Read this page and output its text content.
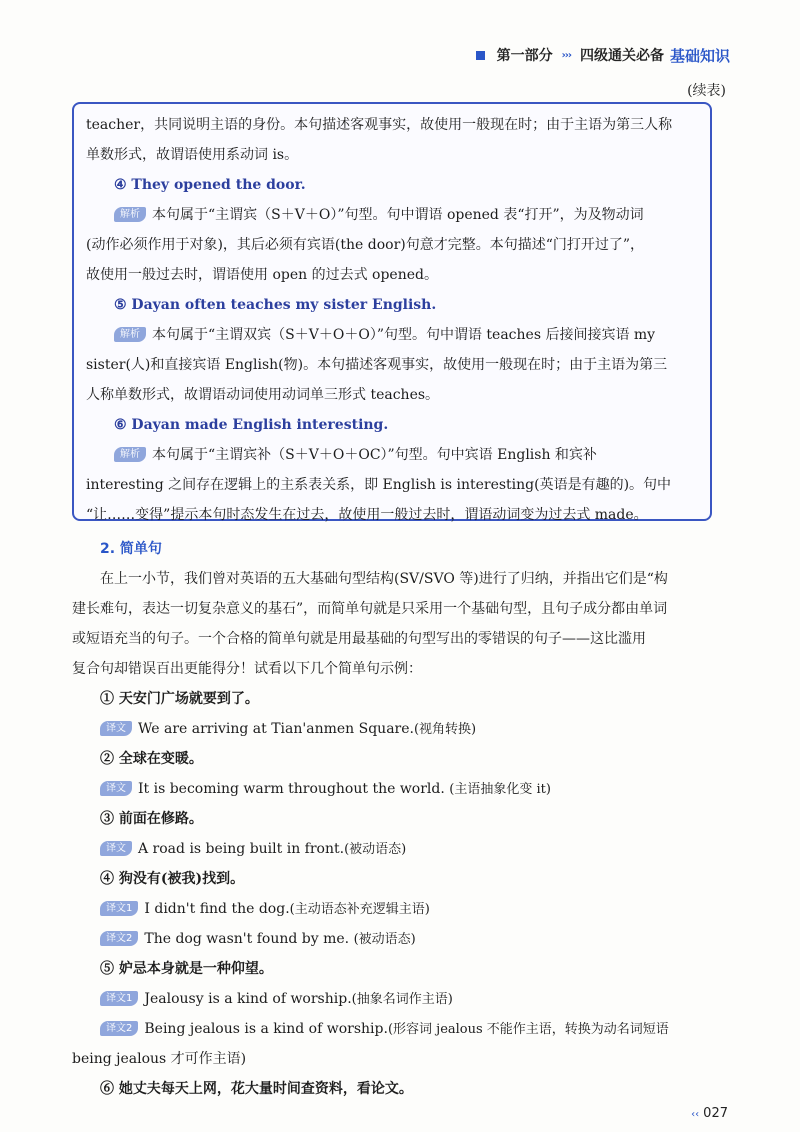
第一部分 ››› 四级通关必备 基础知识
(续表)
teacher，共同说明主语的身份。本句描述客观事实，故使用一般现在时；由于主语为第三人称
单数形式，故谓语使用系动词 is。
④ They opened the door.
解析 本句属于“主谓宾（S＋V＋O）”句型。句中谓语 opened 表“打开”，为及物动词
(动作必须作用于对象)，其后必须有宾语(the door)句意才完整。本句描述“门打开过了”，
故使用一般过去时，谓语使用 open 的过去式 opened。
⑤ Dayan often teaches my sister English.
解析 本句属于“主谓双宾（S＋V＋O＋O）”句型。句中谓语 teaches 后接间接宾语 my
sister(人)和直接宾语 English(物)。本句描述客观事实，故使用一般现在时；由于主语为第三
人称单数形式，故谓语动词使用动词单三形式 teaches。
⑥ Dayan made English interesting.
解析 本句属于“主谓宾补（S＋V＋O＋OC）”句型。句中宾语 English 和宾补
interesting 之间存在逻辑上的主系表关系，即 English is interesting(英语是有趣的)。句中
“让……变得”提示本句时态发生在过去，故使用一般过去时，谓语动词变为过去式 made。
2. 简单句
在上一小节，我们曾对英语的五大基础句型结构(SV/SVO 等)进行了归纳，并指出它们是“构
建长难句，表达一切复杂意义的基石”，而简单句就是只采用一个基础句型，且句子成分都由单词
或短语充当的句子。一个合格的简单句就是用最基础的句型写出的零错误的句子——这比滥用
复合句却错误百出更能得分！试看以下几个简单句示例：
① 天安门广场就要到了。
译文 We are arriving at Tian'anmen Square.(视角转换)
② 全球在变暖。
译文 It is becoming warm throughout the world. (主语抽象化变 it)
③ 前面在修路。
译文 A road is being built in front.(被动语态)
④ 狗没有(被我)找到。
译文1 I didn't find the dog.(主动语态补充逻辑主语)
译文2 The dog wasn't found by me. (被动语态)
⑤ 妒忌本身就是一种仰望。
译文1 Jealousy is a kind of worship.(抽象名词作主语)
译文2 Being jealous is a kind of worship.(形容词 jealous 不能作主语，转换为动名词短语
being jealous 才可作主语)
⑥ 她丈夫每天上网，花大量时间查资料，看论文。
‹‹ 027
